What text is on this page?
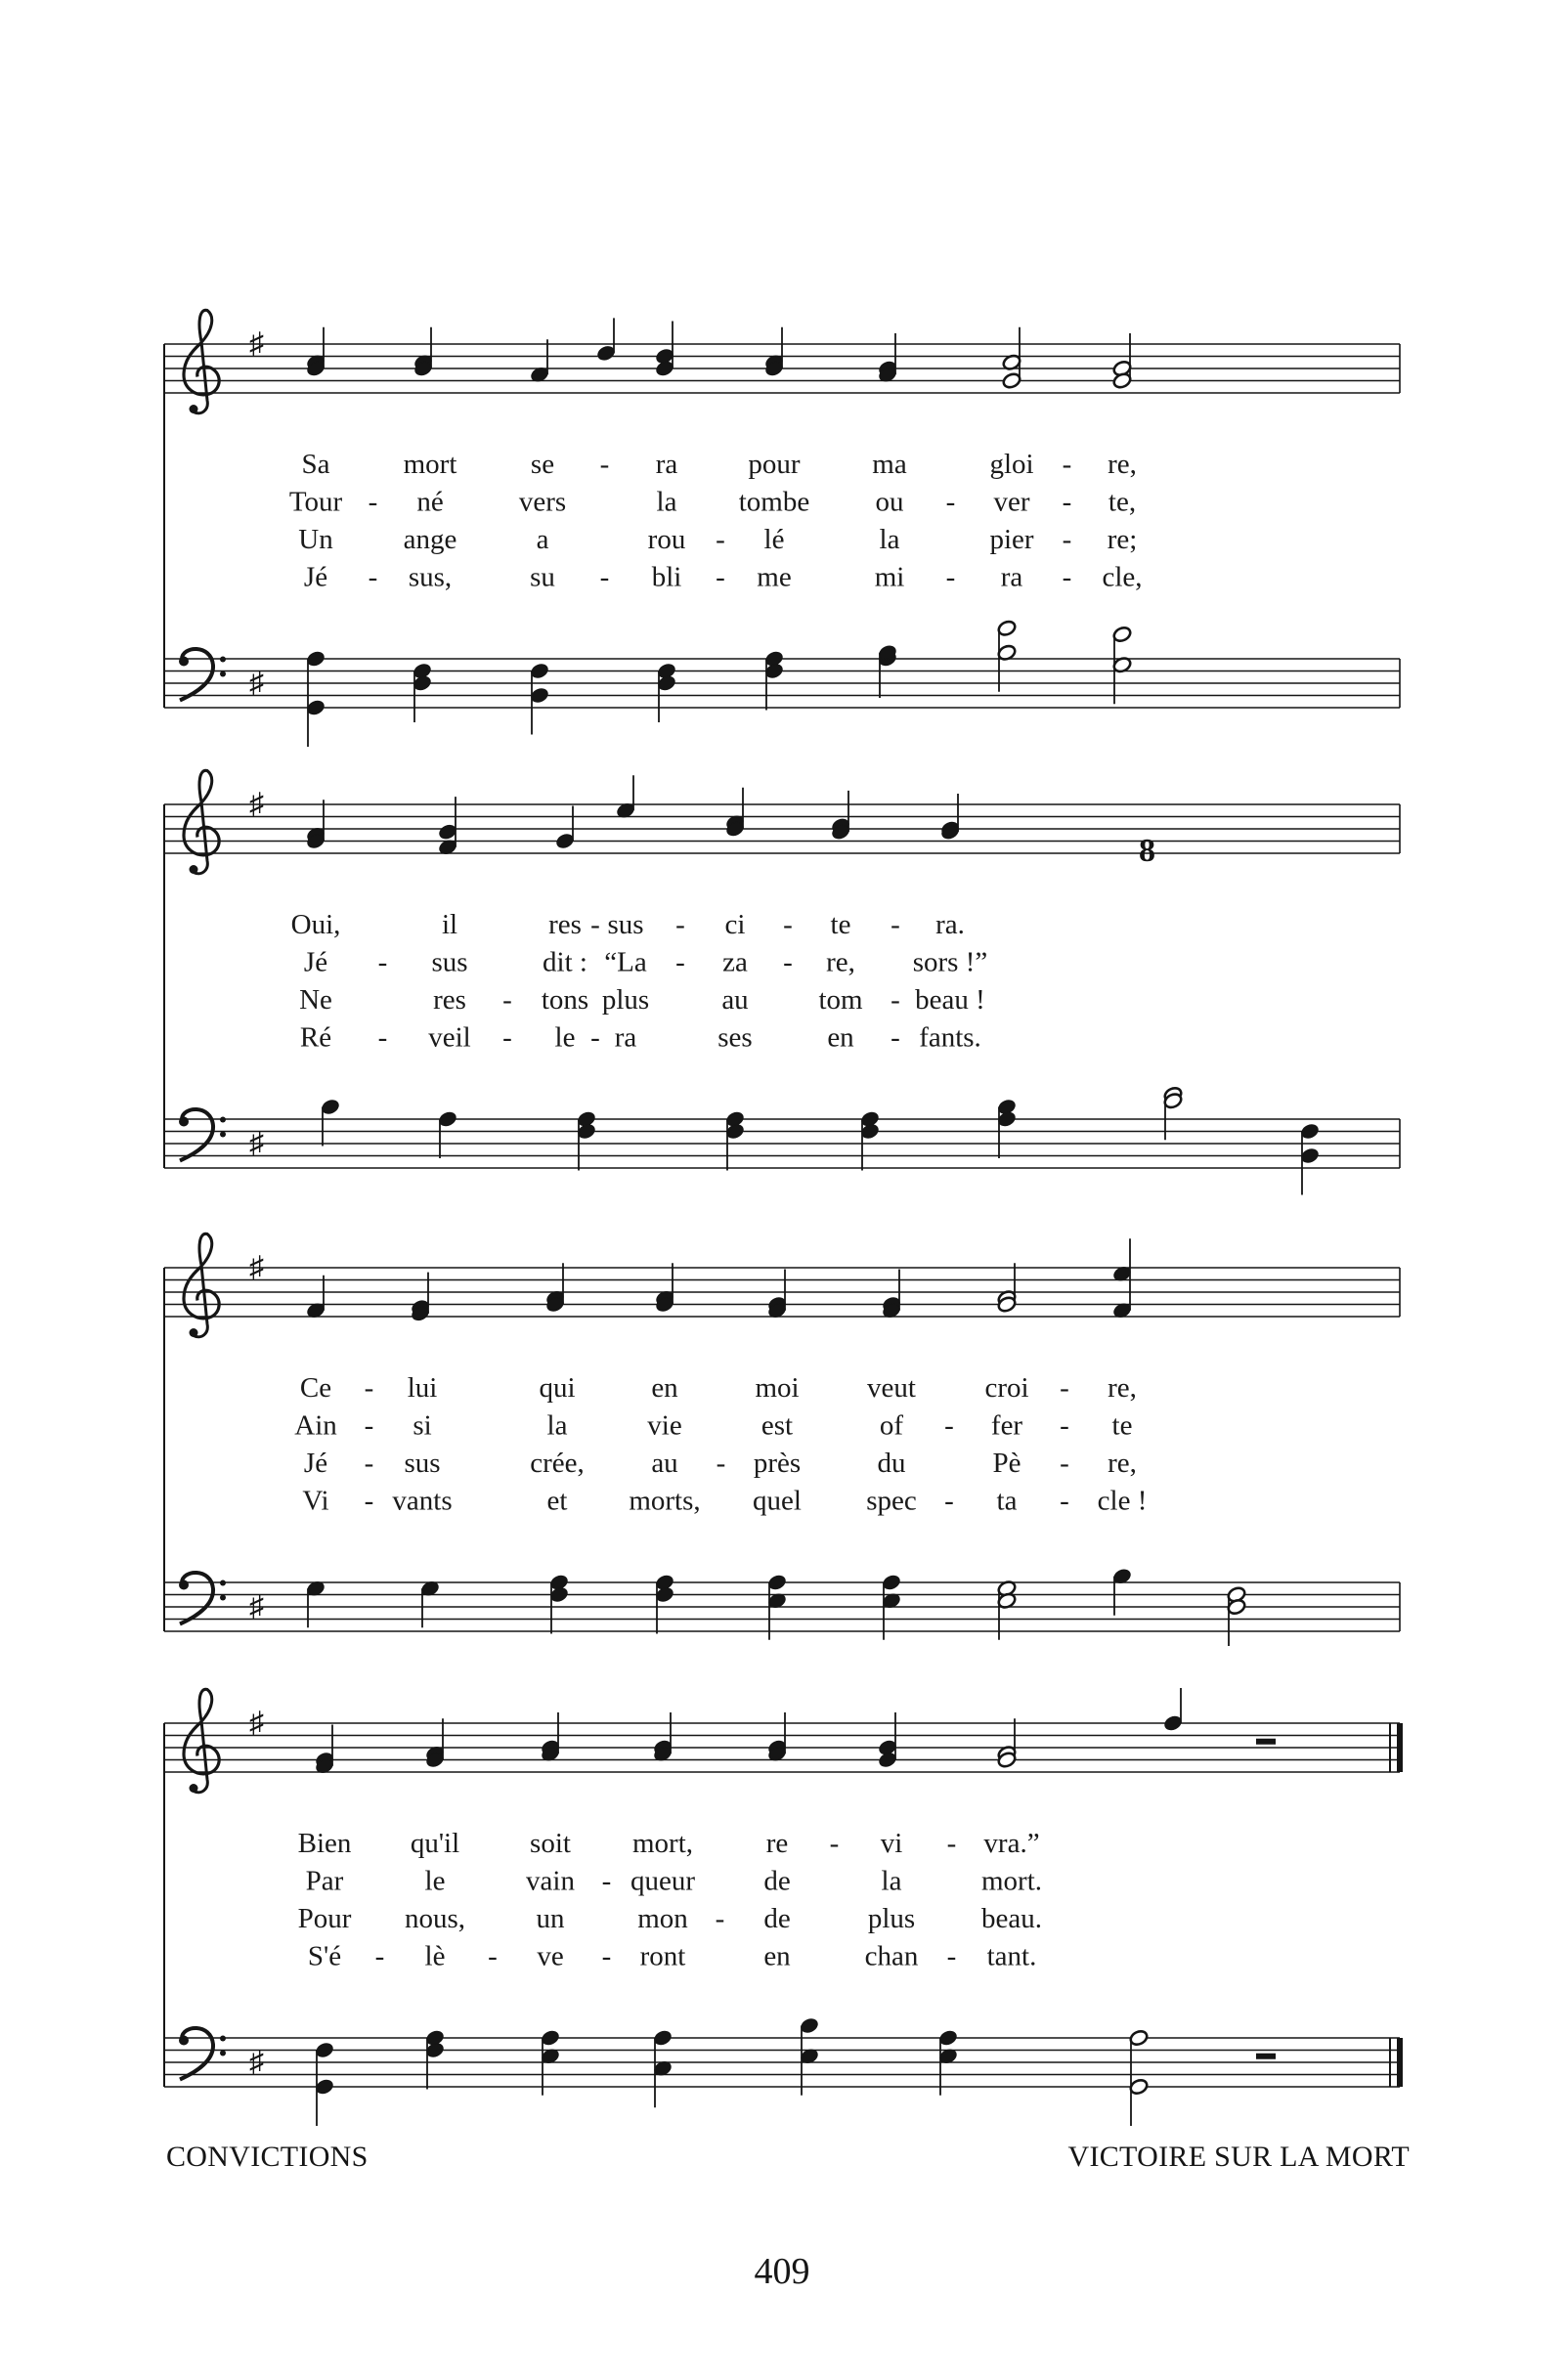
♯
♯
Sa	mort	se - ra pour	ma	gloi - re,
Tour - né	vers	la tombe ou - ver - te,
Un ange	a	rou - lé	la	pier - re;
Jé - sus,	su - bli - me	mi - ra - cle,
♯
♯
8
Oui,	il	res - sus - ci - te - ra.
Jé - sus	dit : “La - za - re, sors !”
Ne	res - tons plus	au tom - beau !
Ré - veil - le - ra	ses	en - fants.
♯
♯
Ce - lui	qui	en	moi veut croi - re,
Ain - si	la	vie	est	of - fer - te
Jé - sus	crée, au - près	du	Pè - re,
Vi - vants	et morts, quel spec - ta - cle !
♯
♯
Bien qu'il soit mort,	re - vi - vra.”
Par	le	vain - queur de	la	mort.
Pour nous, un	mon - de	plus beau.
S'é - lè - ve - ront	en	chan - tant.
CONVICTIONS	VICTOIRE SUR LA MORT
409
